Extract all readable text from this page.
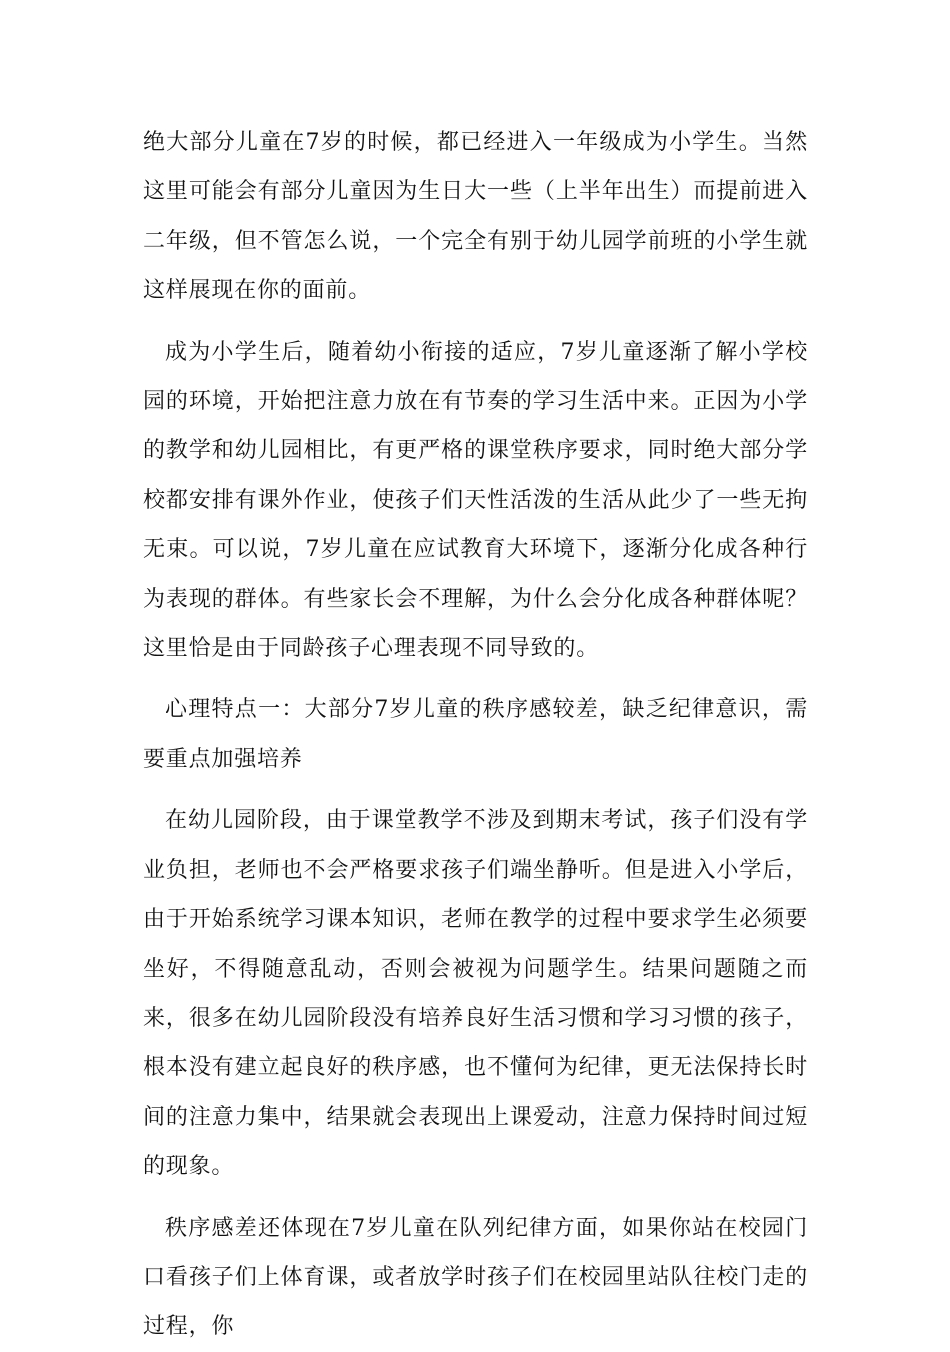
绝大部分儿童在7岁的时候，都已经进入一年级成为小学生。当然这里可能会有部分儿童因为生日大一些（上半年出生）而提前进入二年级，但不管怎么说，一个完全有别于幼儿园学前班的小学生就这样展现在你的面前。

成为小学生后，随着幼小衔接的适应，7岁儿童逐渐了解小学校园的环境，开始把注意力放在有节奏的学习生活中来。正因为小学的教学和幼儿园相比，有更严格的课堂秩序要求，同时绝大部分学校都安排有课外作业，使孩子们天性活泼的生活从此少了一些无拘无束。可以说，7岁儿童在应试教育大环境下，逐渐分化成各种行为表现的群体。有些家长会不理解，为什么会分化成各种群体呢？这里恰是由于同龄孩子心理表现不同导致的。

心理特点一：大部分7岁儿童的秩序感较差，缺乏纪律意识，需要重点加强培养

在幼儿园阶段，由于课堂教学不涉及到期末考试，孩子们没有学业负担，老师也不会严格要求孩子们端坐静听。但是进入小学后，由于开始系统学习课本知识，老师在教学的过程中要求学生必须要坐好，不得随意乱动，否则会被视为问题学生。结果问题随之而来，很多在幼儿园阶段没有培养良好生活习惯和学习习惯的孩子，根本没有建立起良好的秩序感，也不懂何为纪律，更无法保持长时间的注意力集中，结果就会表现出上课爱动，注意力保持时间过短的现象。

秩序感差还体现在7岁儿童在队列纪律方面，如果你站在校园门口看孩子们上体育课，或者放学时孩子们在校园里站队往校门走的过程，你
